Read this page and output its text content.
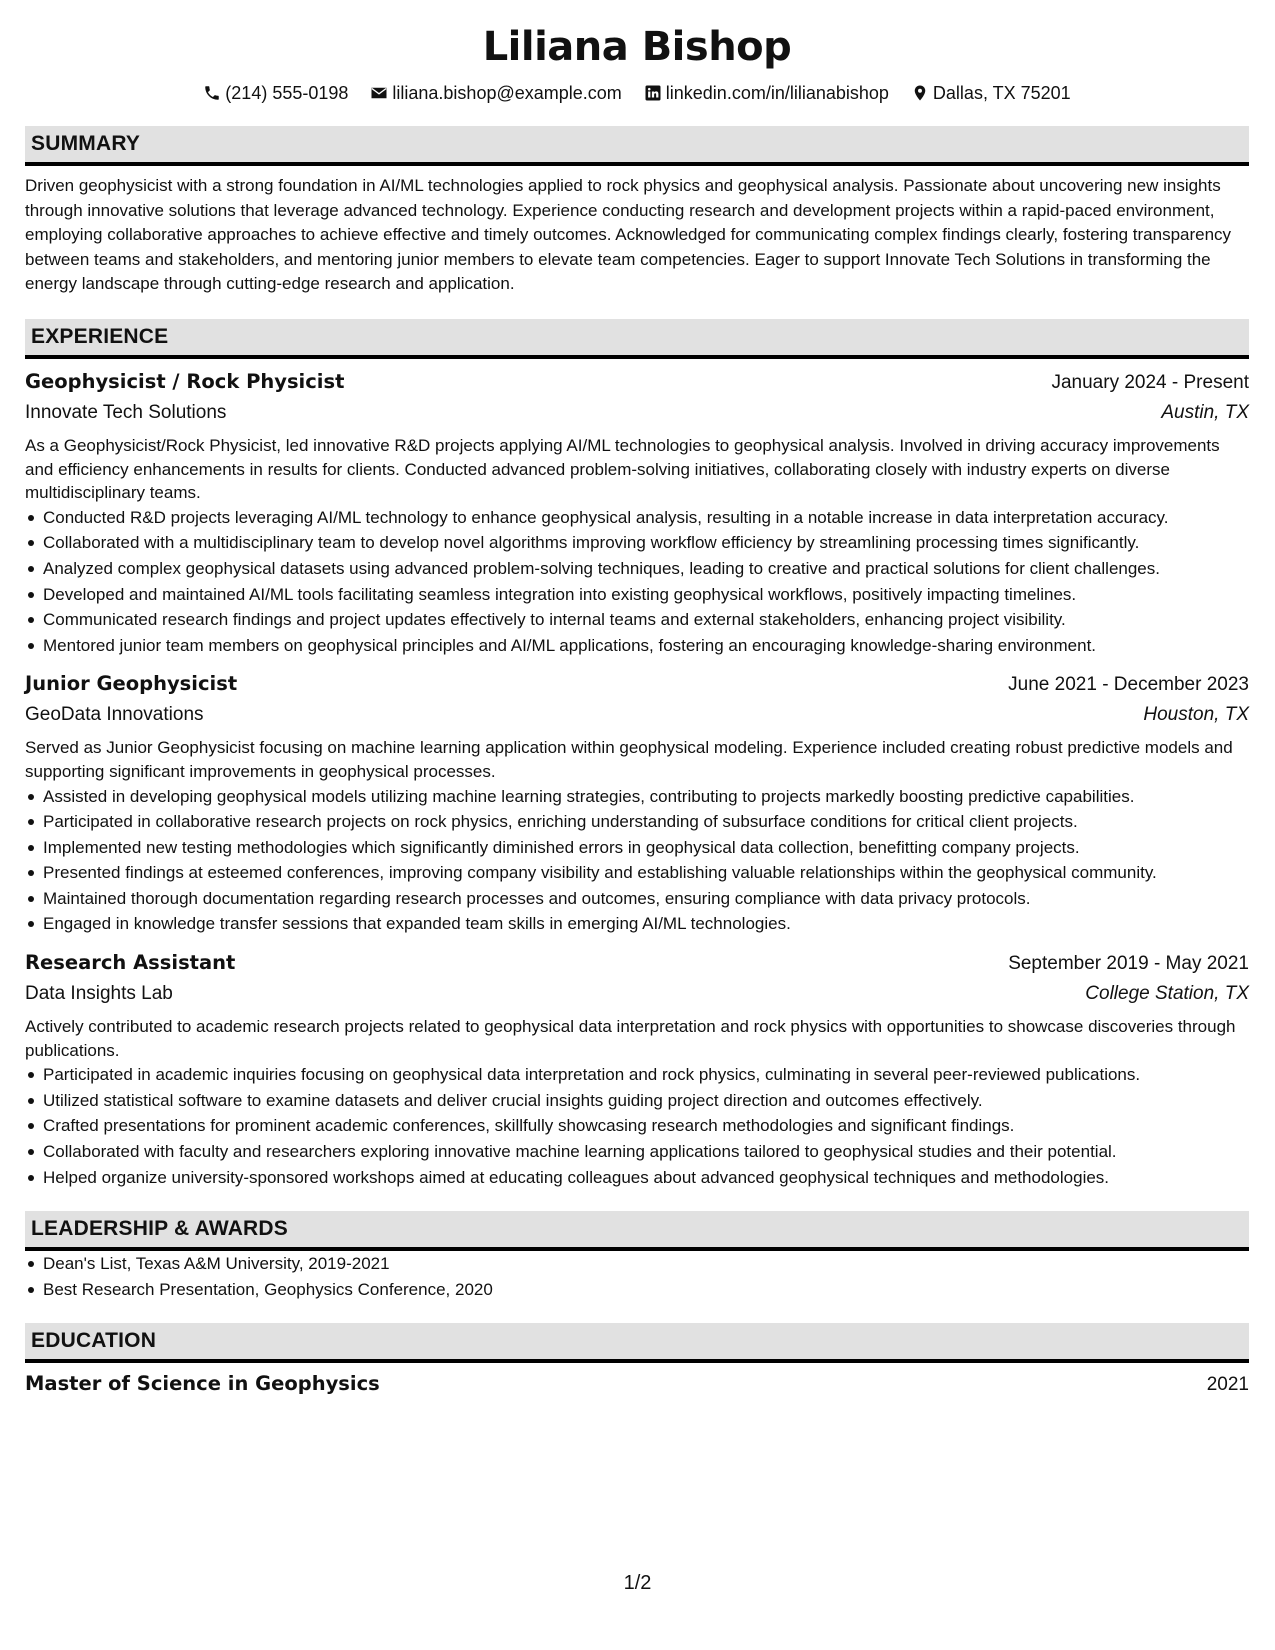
Liliana Bishop
(214) 555-0198 liliana.bishop@example.com linkedin.com/in/lilianabishop Dallas, TX 75201
SUMMARY

Driven geophysicist with a strong foundation in AI/ML technologies applied to rock physics and geophysical analysis. Passionate about uncovering new insights through innovative solutions that leverage advanced technology. Experience conducting research and development projects within a rapid-paced environment, employing collaborative approaches to achieve effective and timely outcomes. Acknowledged for communicating complex findings clearly, fostering transparency between teams and stakeholders, and mentoring junior members to elevate team competencies. Eager to support Innovate Tech Solutions in transforming the energy landscape through cutting-edge research and application.

EXPERIENCE
Geophysicist / Rock Physicist	January 2024 - Present
Innovate Tech Solutions	Austin, TX

As a Geophysicist/Rock Physicist, led innovative R&D projects applying AI/ML technologies to geophysical analysis. Involved in driving accuracy improvements and efficiency enhancements in results for clients. Conducted advanced problem-solving initiatives, collaborating closely with industry experts on diverse multidisciplinary teams.

Conducted R&D projects leveraging AI/ML technology to enhance geophysical analysis, resulting in a notable increase in data interpretation accuracy.
Collaborated with a multidisciplinary team to develop novel algorithms improving workflow efficiency by streamlining processing times significantly.
Analyzed complex geophysical datasets using advanced problem-solving techniques, leading to creative and practical solutions for client challenges.
Developed and maintained AI/ML tools facilitating seamless integration into existing geophysical workflows, positively impacting timelines.
Communicated research findings and project updates effectively to internal teams and external stakeholders, enhancing project visibility.
Mentored junior team members on geophysical principles and AI/ML applications, fostering an encouraging knowledge-sharing environment.
Junior Geophysicist	June 2021 - December 2023
GeoData Innovations	Houston, TX

Served as Junior Geophysicist focusing on machine learning application within geophysical modeling. Experience included creating robust predictive models and supporting significant improvements in geophysical processes.

Assisted in developing geophysical models utilizing machine learning strategies, contributing to projects markedly boosting predictive capabilities.
Participated in collaborative research projects on rock physics, enriching understanding of subsurface conditions for critical client projects.
Implemented new testing methodologies which significantly diminished errors in geophysical data collection, benefitting company projects.
Presented findings at esteemed conferences, improving company visibility and establishing valuable relationships within the geophysical community.
Maintained thorough documentation regarding research processes and outcomes, ensuring compliance with data privacy protocols.
Engaged in knowledge transfer sessions that expanded team skills in emerging AI/ML technologies.
Research Assistant	September 2019 - May 2021
Data Insights Lab	College Station, TX

Actively contributed to academic research projects related to geophysical data interpretation and rock physics with opportunities to showcase discoveries through publications.

Participated in academic inquiries focusing on geophysical data interpretation and rock physics, culminating in several peer-reviewed publications.
Utilized statistical software to examine datasets and deliver crucial insights guiding project direction and outcomes effectively.
Crafted presentations for prominent academic conferences, skillfully showcasing research methodologies and significant findings.
Collaborated with faculty and researchers exploring innovative machine learning applications tailored to geophysical studies and their potential.
Helped organize university-sponsored workshops aimed at educating colleagues about advanced geophysical techniques and methodologies.
LEADERSHIP & AWARDS
Dean's List, Texas A&M University, 2019-2021
Best Research Presentation, Geophysics Conference, 2020
EDUCATION
Master of Science in Geophysics	2021
1/2
